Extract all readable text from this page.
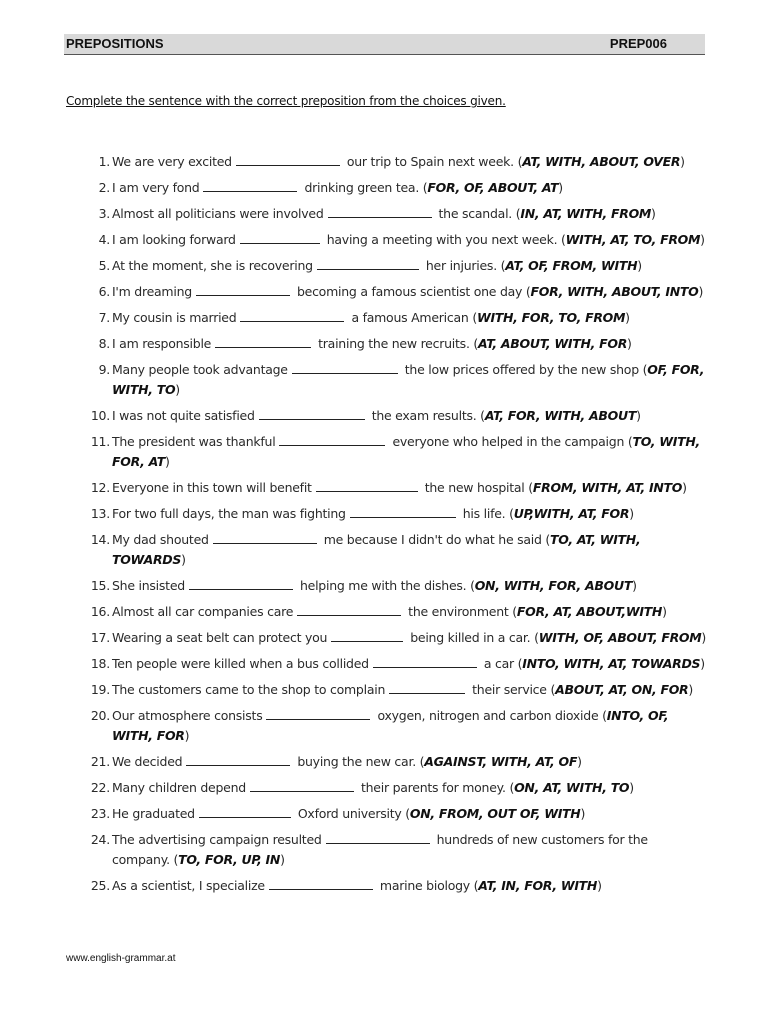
PREPOSITIONS	PREP006
Complete the sentence with the correct preposition from the choices given.
1. We are very excited	our trip to Spain next week. (AT, WITH, ABOUT, OVER)
2. I am very fond	drinking green tea. (FOR, OF, ABOUT, AT)
3. Almost all politicians were involved	the scandal. (IN, AT, WITH, FROM)
4. I am looking forward	having a meeting with you next week. (WITH, AT, TO, FROM)
5. At the moment, she is recovering	her injuries. (AT, OF, FROM, WITH)
6. I'm dreaming	becoming a famous scientist one day (FOR, WITH, ABOUT, INTO)
7. My cousin is married	a famous American (WITH, FOR, TO, FROM)
8. I am responsible	training the new recruits. (AT, ABOUT, WITH, FOR)
9. Many people took advantage	the low prices offered by the new shop (OF, FOR, WITH, TO)
10. I was not quite satisfied	the exam results. (AT, FOR, WITH, ABOUT)
11. The president was thankful	everyone who helped in the campaign (TO, WITH, FOR, AT)
12. Everyone in this town will benefit	the new hospital (FROM, WITH, AT, INTO)
13. For two full days, the man was fighting	his life. (UP,WITH, AT, FOR)
14. My dad shouted	me because I didn't do what he said (TO, AT, WITH, TOWARDS)
15. She insisted	helping me with the dishes. (ON, WITH, FOR, ABOUT)
16. Almost all car companies care	the environment (FOR, AT, ABOUT,WITH)
17. Wearing a seat belt can protect you	being killed in a car. (WITH, OF, ABOUT, FROM)
18. Ten people were killed when a bus collided	a car (INTO, WITH, AT, TOWARDS)
19. The customers came to the shop to complain	their service (ABOUT, AT, ON, FOR)
20. Our atmosphere consists	oxygen, nitrogen and carbon dioxide (INTO, OF, WITH, FOR)
21. We decided	buying the new car. (AGAINST, WITH, AT, OF)
22. Many children depend	their parents for money. (ON, AT, WITH, TO)
23. He graduated	Oxford university (ON, FROM, OUT OF, WITH)
24. The advertising campaign resulted	hundreds of new customers for the company. (TO, FOR, UP, IN)
25. As a scientist, I specialize	marine biology (AT, IN, FOR, WITH)
www.english-grammar.at
